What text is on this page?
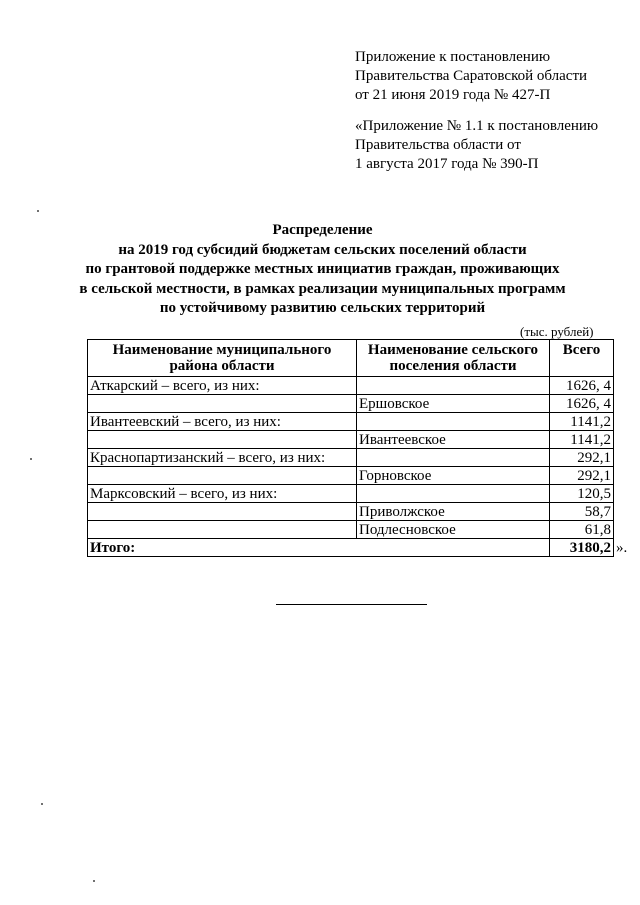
Приложение к постановлению
Правительства Саратовской области
от 21 июня 2019 года № 427-П
«Приложение № 1.1 к постановлению
Правительства области от
1 августа 2017 года № 390-П
Распределение
на 2019 год субсидий бюджетам сельских поселений области
по грантовой поддержке местных инициатив граждан, проживающих
в сельской местности, в рамках реализации муниципальных программ
по устойчивому развитию сельских территорий
(тыс. рублей)
Наименование муниципального района области	Наименование сельского поселения области	Всего
Аткарский – всего, из них:		1626, 4
	Ершовское	1626, 4
Ивантеевский – всего, из них:		1141,2
	Ивантеевское	1141,2
Краснопартизанский – всего, из них:		292,1
	Горновское	292,1
Марксовский – всего, из них:		120,5
	Приволжское	58,7
	Подлесновское	61,8
Итого:		3180,2 ».
